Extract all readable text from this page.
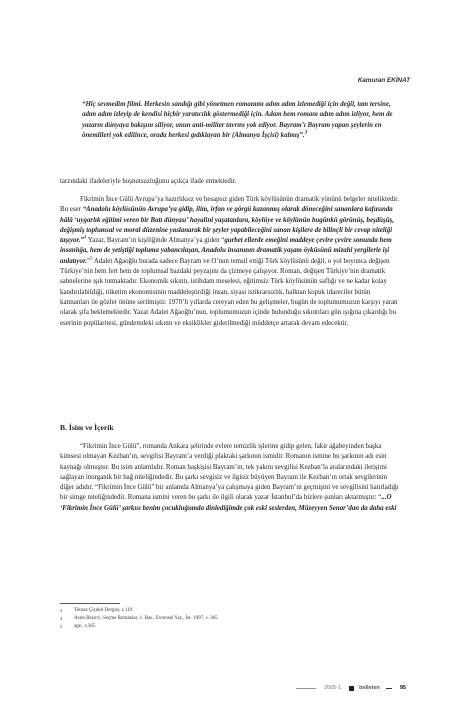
Kamuran EKİNAT

“Hiç sevmedim filmi. Herkesin sandığı gibi yönetmen romanımı adım adım izlemediği için değil, tam tersine, adım adım izleyip de kendisi hiçbir yaratıcılık göstermediği için. Adam hem romanı adım adım izliyor, hem de yazarın dünyaya bakışını siliyor, onun anti-militer tavrını yok ediyor. Bayram’ı Bayram yapan şeylerin en önemlileri yok edilince, orada herkesi gıdıklayan bir (Almanya İşçisi) kalmış”.$^3$

tarzındaki ifadeleriyle hoşnutsuzluğunu açıkça ifade etmektedir.

Fikrimin İnce Gülü Avrupa’ya hazırlıksız ve hesapsız giden Türk köylüsünün dramatik yönünü belgeler niteliktedir. Bu eser “Anadolu köylüsünün Avrupa’ya gidip, ilim, irfan ve görgü kazanmış olarak döneceğini sananlara kafasında hâlâ ‘uygarlık eğitimi veren bir Batı dünyası’ hayalini yaşatanlara, köylüye ve köylünün bugünkü görünüş, beşdüşüş, değişmiş toplumsal ve moral düzenine yaslanarak bir şeyler yapabileceğini sanan kişilere de bilinçli bir cevap niteliği taşıyor.”$^4$ Yazar, Bayram’ın kişiliğinde Almanya’ya giden “gurbet ellerde emeğini maddeye çevire çevire sonunda hem insanlığa, hem de yetiştiği topluma yabancılaşan, Anadolu insanının dramatik yaşam öyküsünü mizahi yergilerle işi anlatıyor.”$^5$ Adalet Ağaoğlu burada sadece Bayram ve O’nun temsil ettiği Türk köylüsünü değil, o yol boyunca değişen Türkiye’nin hem fert hem de toplumsal bazdaki peyzajını da çizmeye çalışıyor. Roman, değişen Türkiye’nin dramatik sahnelerine ışık tutmaktadır. Ekonomik sıkıntı, istihdam meselesi, eğitimsiz Türk köylüsünün saflığı ve ne kadar kolay kandırılabildiği, tüketim ekonomisinin maddeleştirdiği insan, siyasi istikrarsızlık, halktan kopuk idareciler bütün katmanları ile gözler önüne serilmiştir. 1970’li yıllarda cereyan eden bu gelişmeler, bugün de toplumumuzun karşıyı yaran olarak şifa beklemektedir. Yazar Adalet Ağaoğlu’nun, toplumumuzun içinde bulunduğu sıkıntıları gün ışığına çıkardığı bu eserinin popülaritesi, gündemdeki sıkıntı ve eksiklikler giderilmediği müddetçe artarak devam edecektir.

B. İsim ve İçerik

“Fikrimin İnce Gülü”, romanda Ankara şehrinde evlere temizlik işlerine gidip gelen, fakir ağabeyinden başka kimsesi olmayan Kezban’ın, sevgilisi Bayram’a verdiği plaktaki şarkının ismidir. Romanın ismine bu şarkının adı esin kaynağı olmuştur. Bu isim anlamlıdır. Roman başkişisi Bayram’ın, tek yakını sevgilisi Kezban’la aralarındaki iletişimi sağlayan inorganik bir bağ niteliğindedir. Bu şarkı sevgisiz ve ilgisiz büyüyen Bayram ile Kezban’ın ortak sevgilerinin diğer adıdır. “Fikrimin İnce Gülü” bir anlamda Almanya’ya çalışmaya giden Bayram’ın geçmişini ve sevgilisini hatırladığı bir simge niteliğindedir. Romana ismini veren bu şarkı ile ilgili olarak yazar İstanbul’da bizlere şunları aktarmıştır: “...O ‘Fikrimin İnce Gülü’ şarkısı benim çocukluğumda dinlediğimde çok eski seslerden, Müzeyyen Senar’dan da daha eski

3	Tiknaz Çiçekli Dergisi, s.119
4	Asım Bezirci, Seçme Romanlar, 1. Bas., Evrensel Yay., İst. 1997, s. 365
5	age., s.365
2005-1	belleten	95
